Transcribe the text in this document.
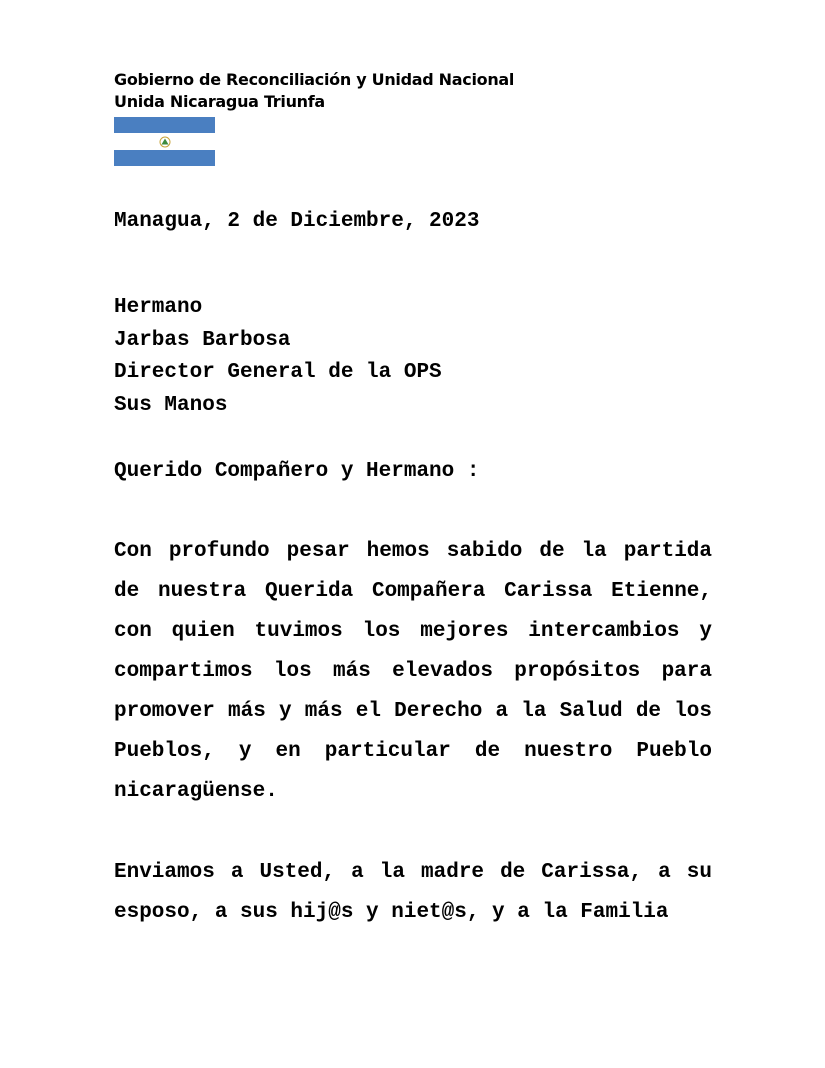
Gobierno de Reconciliación y Unidad Nacional
Unida Nicaragua Triunfa
Managua, 2 de Diciembre, 2023
Hermano
Jarbas Barbosa
Director General de la OPS
Sus Manos
Querido Compañero y Hermano :
Con profundo pesar hemos sabido de la partida de nuestra Querida Compañera Carissa Etienne, con quien tuvimos los mejores intercambios y compartimos los más elevados propósitos para promover más y más el Derecho a la Salud de los Pueblos, y en particular de nuestro Pueblo nicaragüense.
Enviamos a Usted, a la madre de Carissa, a su esposo, a sus hij@s y niet@s, y a la Familia
